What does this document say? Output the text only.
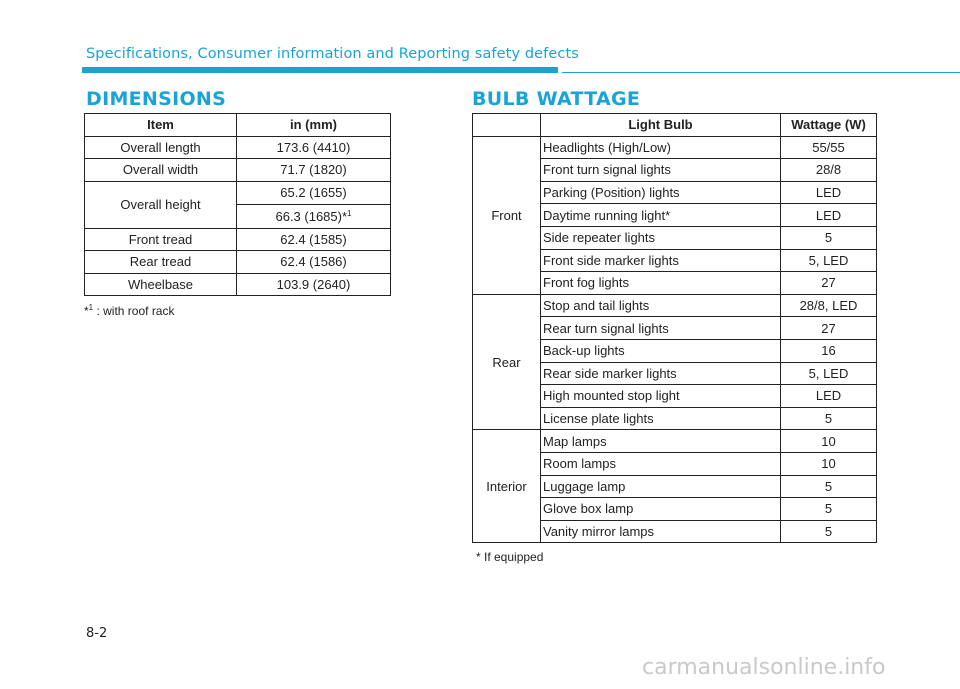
Specifications, Consumer information and Reporting safety defects
DIMENSIONS	BULB WATTAGE
Item	in (mm)
Overall length	173.6 (4410)
Overall width	71.7 (1820)
Overall height	65.2 (1655)
	66.3 (1685)*$^1$
Front tread	62.4 (1585)
Rear tread	62.4 (1586)
Wheelbase	103.9 (2640)
*$^1$ : with roof rack
	Light Bulb	Wattage (W)
Front	Headlights (High/Low)	55/55
	Front turn signal lights	28/8
	Parking (Position) lights	LED
	Daytime running light*	LED
	Side repeater lights	5
	Front side marker lights	5, LED
	Front fog lights	27
Rear	Stop and tail lights	28/8, LED
	Rear turn signal lights	27
	Back-up lights	16
	Rear side marker lights	5, LED
	High mounted stop light	LED
	License plate lights	5
Interior	Map lamps	10
	Room lamps	10
	Luggage lamp	5
	Glove box lamp	5
	Vanity mirror lamps	5
* If equipped
8-2
carmanualsonline.info
